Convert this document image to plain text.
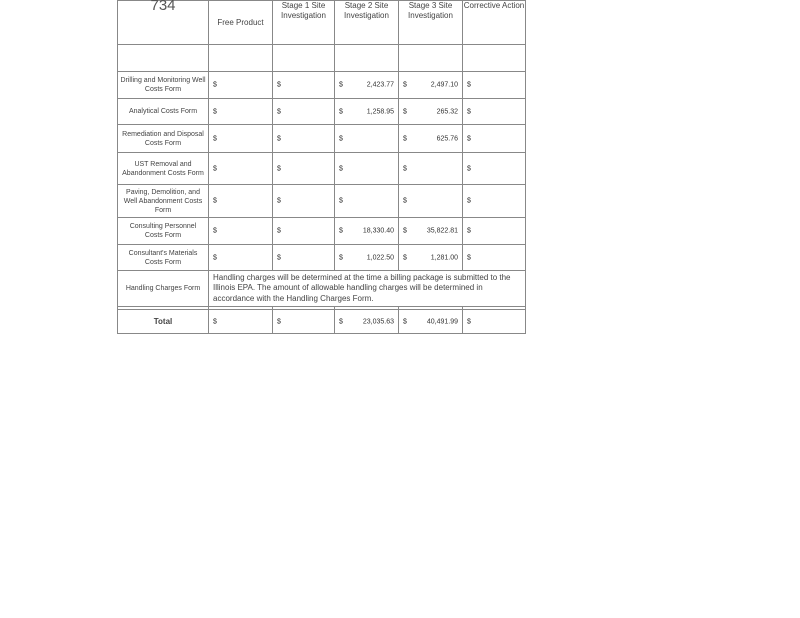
734	Free Product	Stage 1 Site Investigation	Stage 2 Site Investigation	Stage 3 Site Investigation	Corrective Action

Drilling and Monitoring Well Costs Form	$	$	$ 2,423.77	$ 2,497.10	$

Analytical Costs Form	$	$	$ 1,258.95	$ 265.32	$

Remediation and Disposal Costs Form	$	$	$	$ 625.76	$

UST Removal and Abandonment Costs Form	$	$	$	$	$

Paving, Demolition, and Well Abandonment Costs Form	$	$	$	$	$

Consulting Personnel Costs Form	$	$	$ 18,330.40	$ 35,822.81	$

Consultant's Materials Costs Form	$	$	$ 1,022.50	$ 1,281.00	$

Handling Charges Form	Handling charges will be determined at the time a billing package is submitted to the Illinois EPA. The amount of allowable handling charges will be determined in accordance with the Handling Charges Form.				

Total	$	$	$ 23,035.63	$ 40,491.99	$
